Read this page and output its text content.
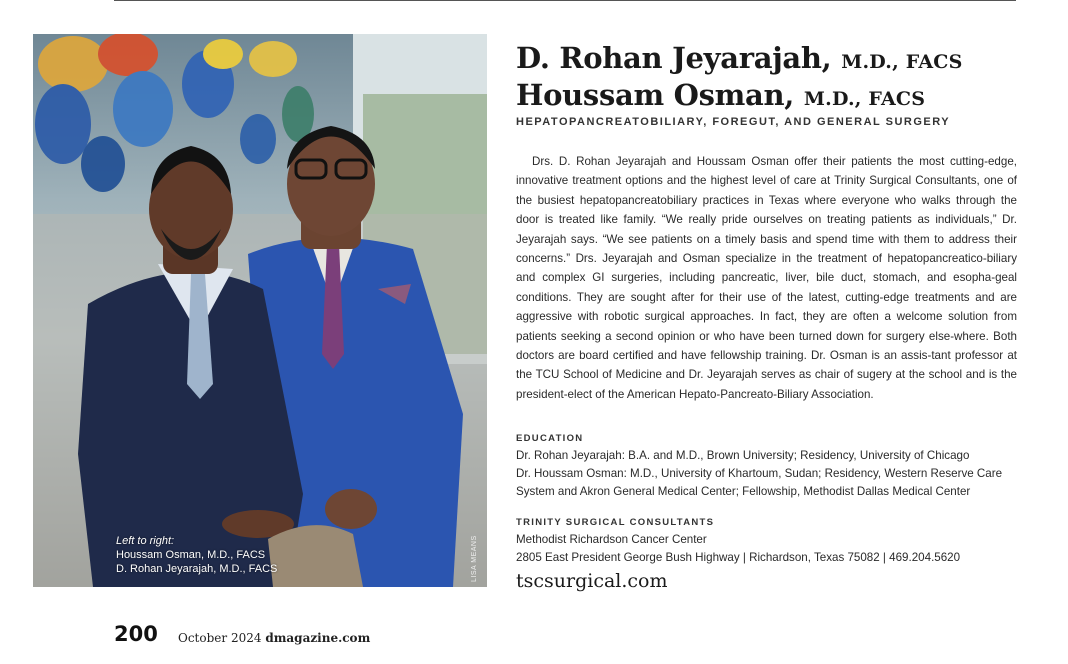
Left to right:
Houssam Osman, M.D., FACS
D. Rohan Jeyarajah, M.D., FACS	LISA MEANS
D. Rohan Jeyarajah, M.D., FACS
Houssam Osman, M.D., FACS
HEPATOPANCREATOBILIARY, FOREGUT, AND GENERAL SURGERY

Drs. D. Rohan Jeyarajah and Houssam Osman offer their patients the most cutting-edge, innovative treatment options and the highest level of care at Trinity Surgical Consultants, one of the busiest hepatopancreatobiliary practices in Texas where everyone who walks through the door is treated like family. “We really pride ourselves on treating patients as individuals,” Dr. Jeyarajah says. “We see patients on a timely basis and spend time with them to address their concerns.” Drs. Jeyarajah and Osman specialize in the treatment of hepatopancreatico-biliary and complex GI surgeries, including pancreatic, liver, bile duct, stomach, and esopha-geal conditions. They are sought after for their use of the latest, cutting-edge treatments and are aggressive with robotic surgical approaches. In fact, they are often a welcome solution from patients seeking a second opinion or who have been turned down for surgery else-where. Both doctors are board certified and have fellowship training. Dr. Osman is an assis-tant professor at the TCU School of Medicine and Dr. Jeyarajah serves as chair of sugery at the school and is the president-elect of the American Hepato-Pancreato-Biliary Association.

EDUCATION
Dr. Rohan Jeyarajah: B.A. and M.D., Brown University; Residency, University of Chicago
Dr. Houssam Osman: M.D., University of Khartoum, Sudan; Residency, Western Reserve Care
System and Akron General Medical Center; Fellowship, Methodist Dallas Medical Center
TRINITY SURGICAL CONSULTANTS
Methodist Richardson Cancer Center
2805 East President George Bush Highway | Richardson, Texas 75082 | 469.204.5620
tscsurgical.com
200 October 2024 dmagazine.com
